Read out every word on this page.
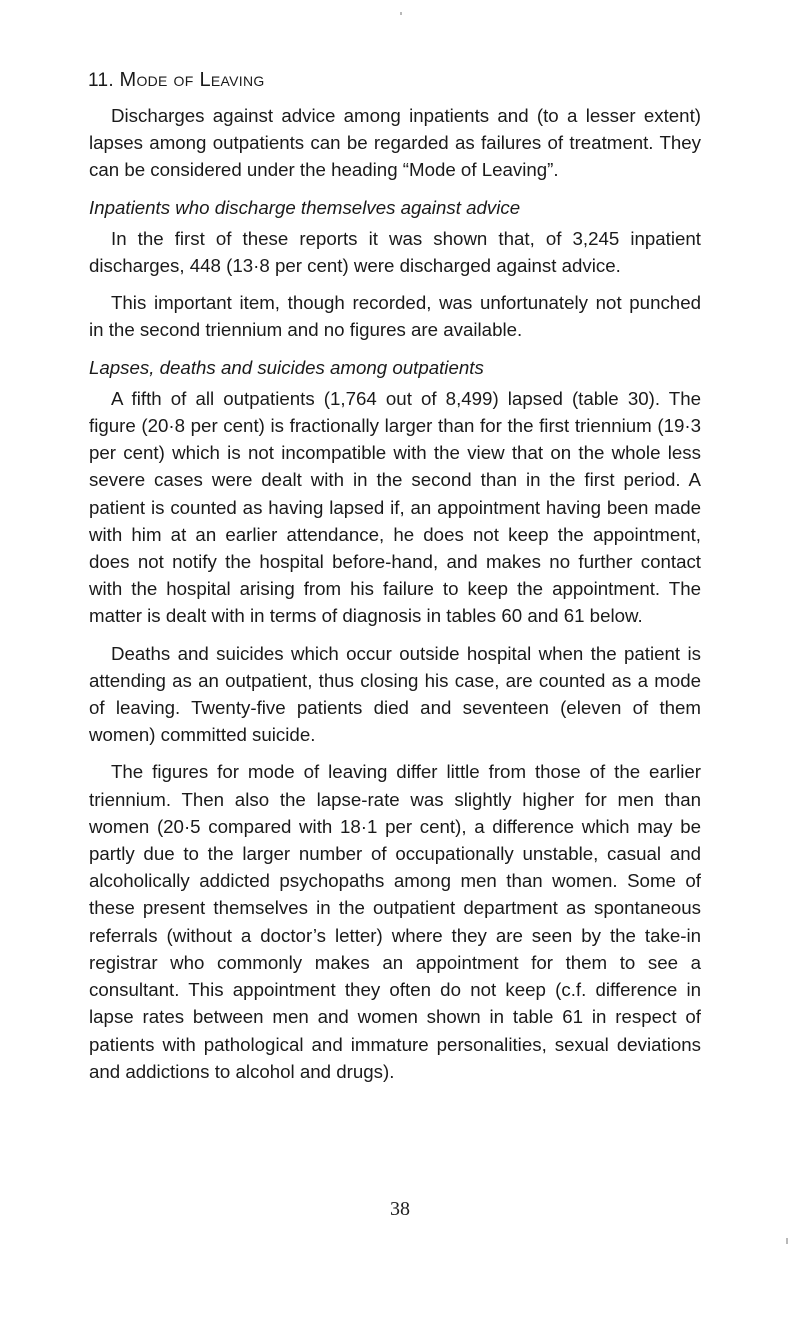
11. Mode of Leaving

Discharges against advice among inpatients and (to a lesser extent) lapses among outpatients can be regarded as failures of treatment. They can be considered under the heading “Mode of Leaving”.

Inpatients who discharge themselves against advice

In the first of these reports it was shown that, of 3,245 inpatient discharges, 448 (13·8 per cent) were discharged against advice.

This important item, though recorded, was unfortunately not punched in the second triennium and no figures are available.

Lapses, deaths and suicides among outpatients

A fifth of all outpatients (1,764 out of 8,499) lapsed (table 30). The figure (20·8 per cent) is fractionally larger than for the first triennium (19·3 per cent) which is not incompatible with the view that on the whole less severe cases were dealt with in the second than in the first period. A patient is counted as having lapsed if, an appointment having been made with him at an earlier attendance, he does not keep the appointment, does not notify the hospital before-hand, and makes no further contact with the hospital arising from his failure to keep the appointment. The matter is dealt with in terms of diagnosis in tables 60 and 61 below.

Deaths and suicides which occur outside hospital when the patient is attending as an outpatient, thus closing his case, are counted as a mode of leaving. Twenty-five patients died and seventeen (eleven of them women) committed suicide.

The figures for mode of leaving differ little from those of the earlier triennium. Then also the lapse-rate was slightly higher for men than women (20·5 compared with 18·1 per cent), a difference which may be partly due to the larger number of occupationally unstable, casual and alcoholically addicted psychopaths among men than women. Some of these present themselves in the outpatient department as spontaneous referrals (without a doctor’s letter) where they are seen by the take-in registrar who commonly makes an appointment for them to see a consultant. This appointment they often do not keep (c.f. difference in lapse rates between men and women shown in table 61 in respect of patients with pathological and immature personalities, sexual deviations and addictions to alcohol and drugs).

38
